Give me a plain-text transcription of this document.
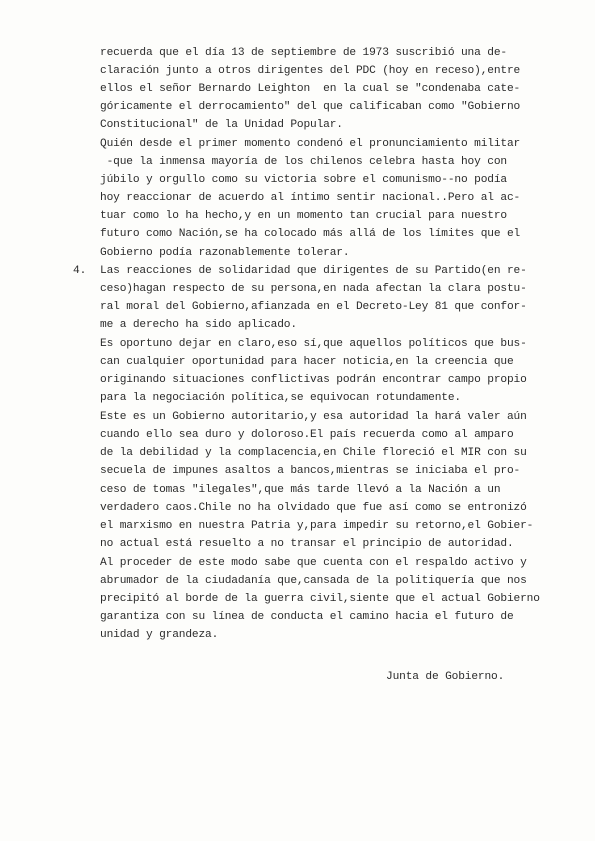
recuerda que el día 13 de septiembre de 1973 suscribió una de-
claración junto a otros dirigentes del PDC (hoy en receso),entre
ellos el señor Bernardo Leighton  en la cual se "condenaba cate-
góricamente el derrocamiento" del que calificaban como "Gobierno
Constitucional" de la Unidad Popular.
Quién desde el primer momento condenó el pronunciamiento militar
-que la inmensa mayoría de los chilenos celebra hasta hoy con
júbilo y orgullo como su victoria sobre el comunismo--no podía
hoy reaccionar de acuerdo al íntimo sentir nacional..Pero al ac-
tuar como lo ha hecho,y en un momento tan crucial para nuestro
futuro como Nación,se ha colocado más allá de los límites que el
Gobierno podía razonablemente tolerar.
4. Las reacciones de solidaridad que dirigentes de su Partido(en re-
ceso)hagan respecto de su persona,en nada afectan la clara postu-
ral moral del Gobierno,afianzada en el Decreto-Ley 81 que confor-
me a derecho ha sido aplicado.
Es oportuno dejar en claro,eso sí,que aquellos políticos que bus-
can cualquier oportunidad para hacer noticia,en la creencia que
originando situaciones conflictivas podrán encontrar campo propio
para la negociación política,se equivocan rotundamente.
Este es un Gobierno autoritario,y esa autoridad la hará valer aún
cuando ello sea duro y doloroso.El país recuerda como al amparo
de la debilidad y la complacencia,en Chile floreció el MIR con su
secuela de impunes asaltos a bancos,mientras se iniciaba el pro-
ceso de tomas "ilegales",que más tarde llevó a la Nación a un
verdadero caos.Chile no ha olvidado que fue así como se entronizó
el marxismo en nuestra Patria y,para impedir su retorno,el Gobier-
no actual está resuelto a no transar el principio de autoridad.
Al proceder de este modo sabe que cuenta con el respaldo activo y
abrumador de la ciudadanía que,cansada de la politiquería que nos
precipitó al borde de la guerra civil,siente que el actual Gobierno
garantiza con su línea de conducta el camino hacia el futuro de
unidad y grandeza.
Junta de Gobierno.
